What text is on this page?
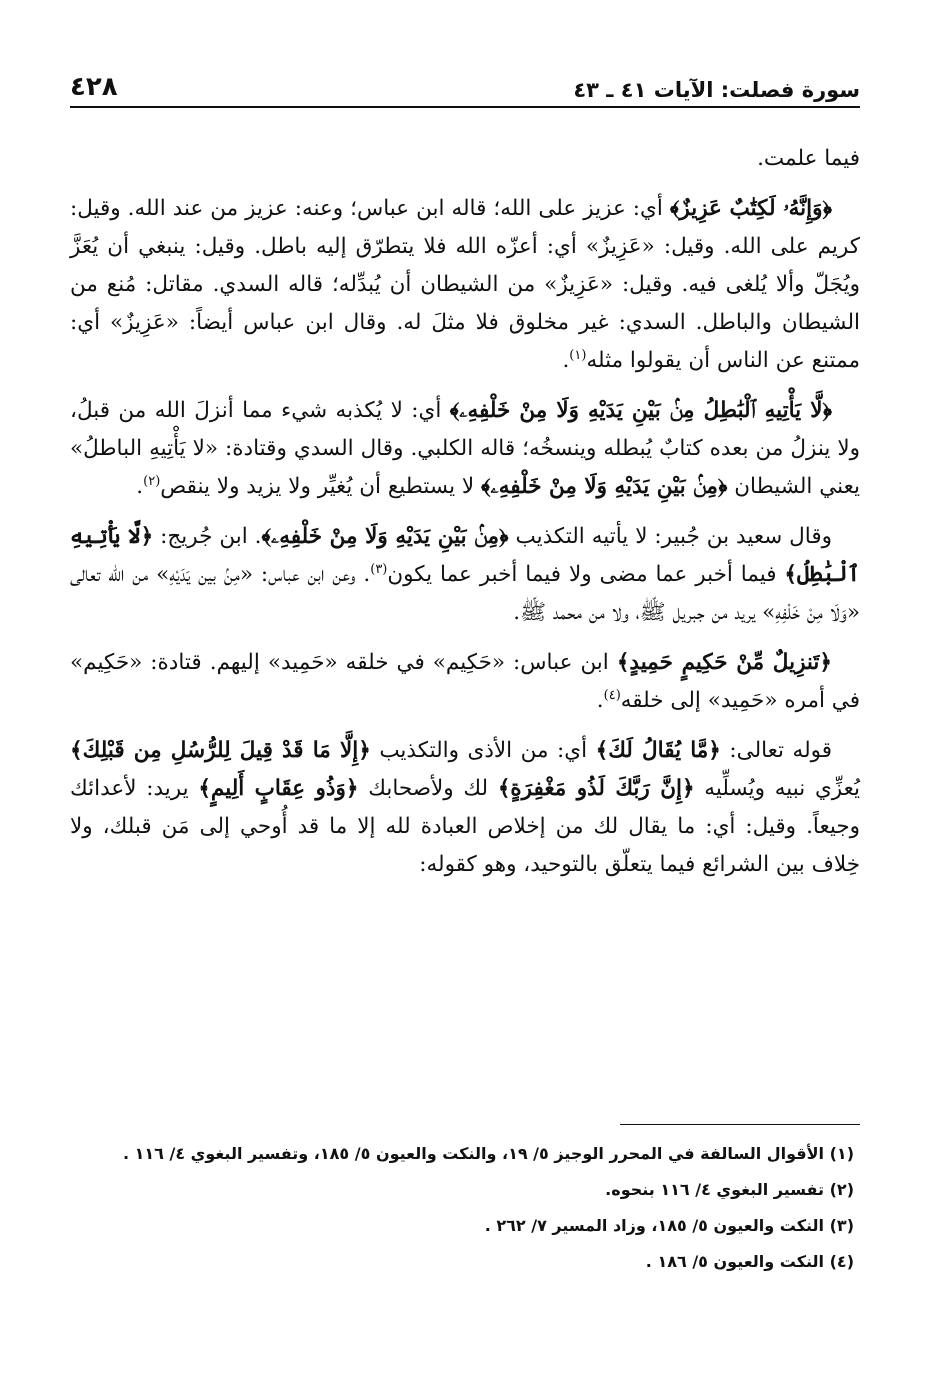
سورة فصلت: الآيات ٤١ ـ ٤٣
٤٢٨

فيما علمت.

﴿وَإِنَّهُۥ لَكِتَٰبٌ عَزِيزٌ﴾ أي: عزيز على الله؛ قاله ابن عباس؛ وعنه: عزيز من عند الله. وقيل: كريم على الله. وقيل: «عَزِيزٌ» أي: أعزّه الله فلا يتطرّق إليه باطل. وقيل: ينبغي أن يُعَزَّ ويُجَلّ وألا يُلغى فيه. وقيل: «عَزِيزٌ» من الشيطان أن يُبدِّله؛ قاله السدي. مقاتل: مُنع من الشيطان والباطل. السدي: غير مخلوق فلا مثلَ له. وقال ابن عباس أيضاً: «عَزِيزٌ» أي: ممتنع عن الناس أن يقولوا مثله$^{(١)}$.

﴿لَّا يَأْتِيهِ ٱلْبَٰطِلُ مِنۢ بَيْنِ يَدَيْهِ وَلَا مِنْ خَلْفِهِۦ﴾ أي: لا يُكذبه شيء مما أنزلَ الله من قبلُ، ولا ينزلُ من بعده كتابٌ يُبطله وينسخُه؛ قاله الكلبي. وقال السدي وقتادة: «لا يَأْتِيهِ الباطلُ» يعني الشيطان ﴿مِنۢ بَيْنِ يَدَيْهِ وَلَا مِنْ خَلْفِهِۦ﴾ لا يستطيع أن يُغيِّر ولا يزيد ولا ينقص$^{(٢)}$.

وقال سعيد بن جُبير: لا يأتيه التكذيب ﴿مِنۢ بَيْنِ يَدَيْهِ وَلَا مِنْ خَلْفِهِۦ﴾. ابن جُريج: ﴿لَّا يَأْتِيهِ ٱلْبَٰطِلُ﴾ فيما أخبر عما مضى ولا فيما أخبر عما يكون$^{(٣)}$. وعن ابن عباس: «مِنۢ بين يَدَيْهِ» من الله تعالى «وَلَا مِنْ خَلْفِهِ» يريد من جبريل ﷺ، ولا من محمد ﷺ.

﴿تَنزِيلٌ مِّنْ حَكِيمٍ حَمِيدٍ﴾ ابن عباس: «حَكِيم» في خلقه «حَمِيد» إليهم. قتادة: «حَكِيم» في أمره «حَمِيد» إلى خلقه$^{(٤)}$.

قوله تعالى: ﴿مَّا يُقَالُ لَكَ﴾ أي: من الأذى والتكذيب ﴿إِلَّا مَا قَدْ قِيلَ لِلرُّسُلِ مِن قَبْلِكَ﴾ يُعزِّي نبيه ويُسلِّيه ﴿إِنَّ رَبَّكَ لَذُو مَغْفِرَةٍ﴾ لك ولأصحابك ﴿وَذُو عِقَابٍ أَلِيمٍ﴾ يريد: لأعدائك وجيعاً. وقيل: أي: ما يقال لك من إخلاص العبادة لله إلا ما قد أُوحي إلى مَن قبلك، ولا خِلاف بين الشرائع فيما يتعلّق بالتوحيد، وهو كقوله:

(١) الأقوال السالفة في المحرر الوجيز ٥/ ١٩، والنكت والعيون ٥/ ١٨٥، وتفسير البغوي ٤/ ١١٦ .
(٢) تفسير البغوي ٤/ ١١٦ بنحوه.
(٣) النكت والعيون ٥/ ١٨٥، وزاد المسير ٧/ ٢٦٢ .
(٤) النكت والعيون ٥/ ١٨٦ .
